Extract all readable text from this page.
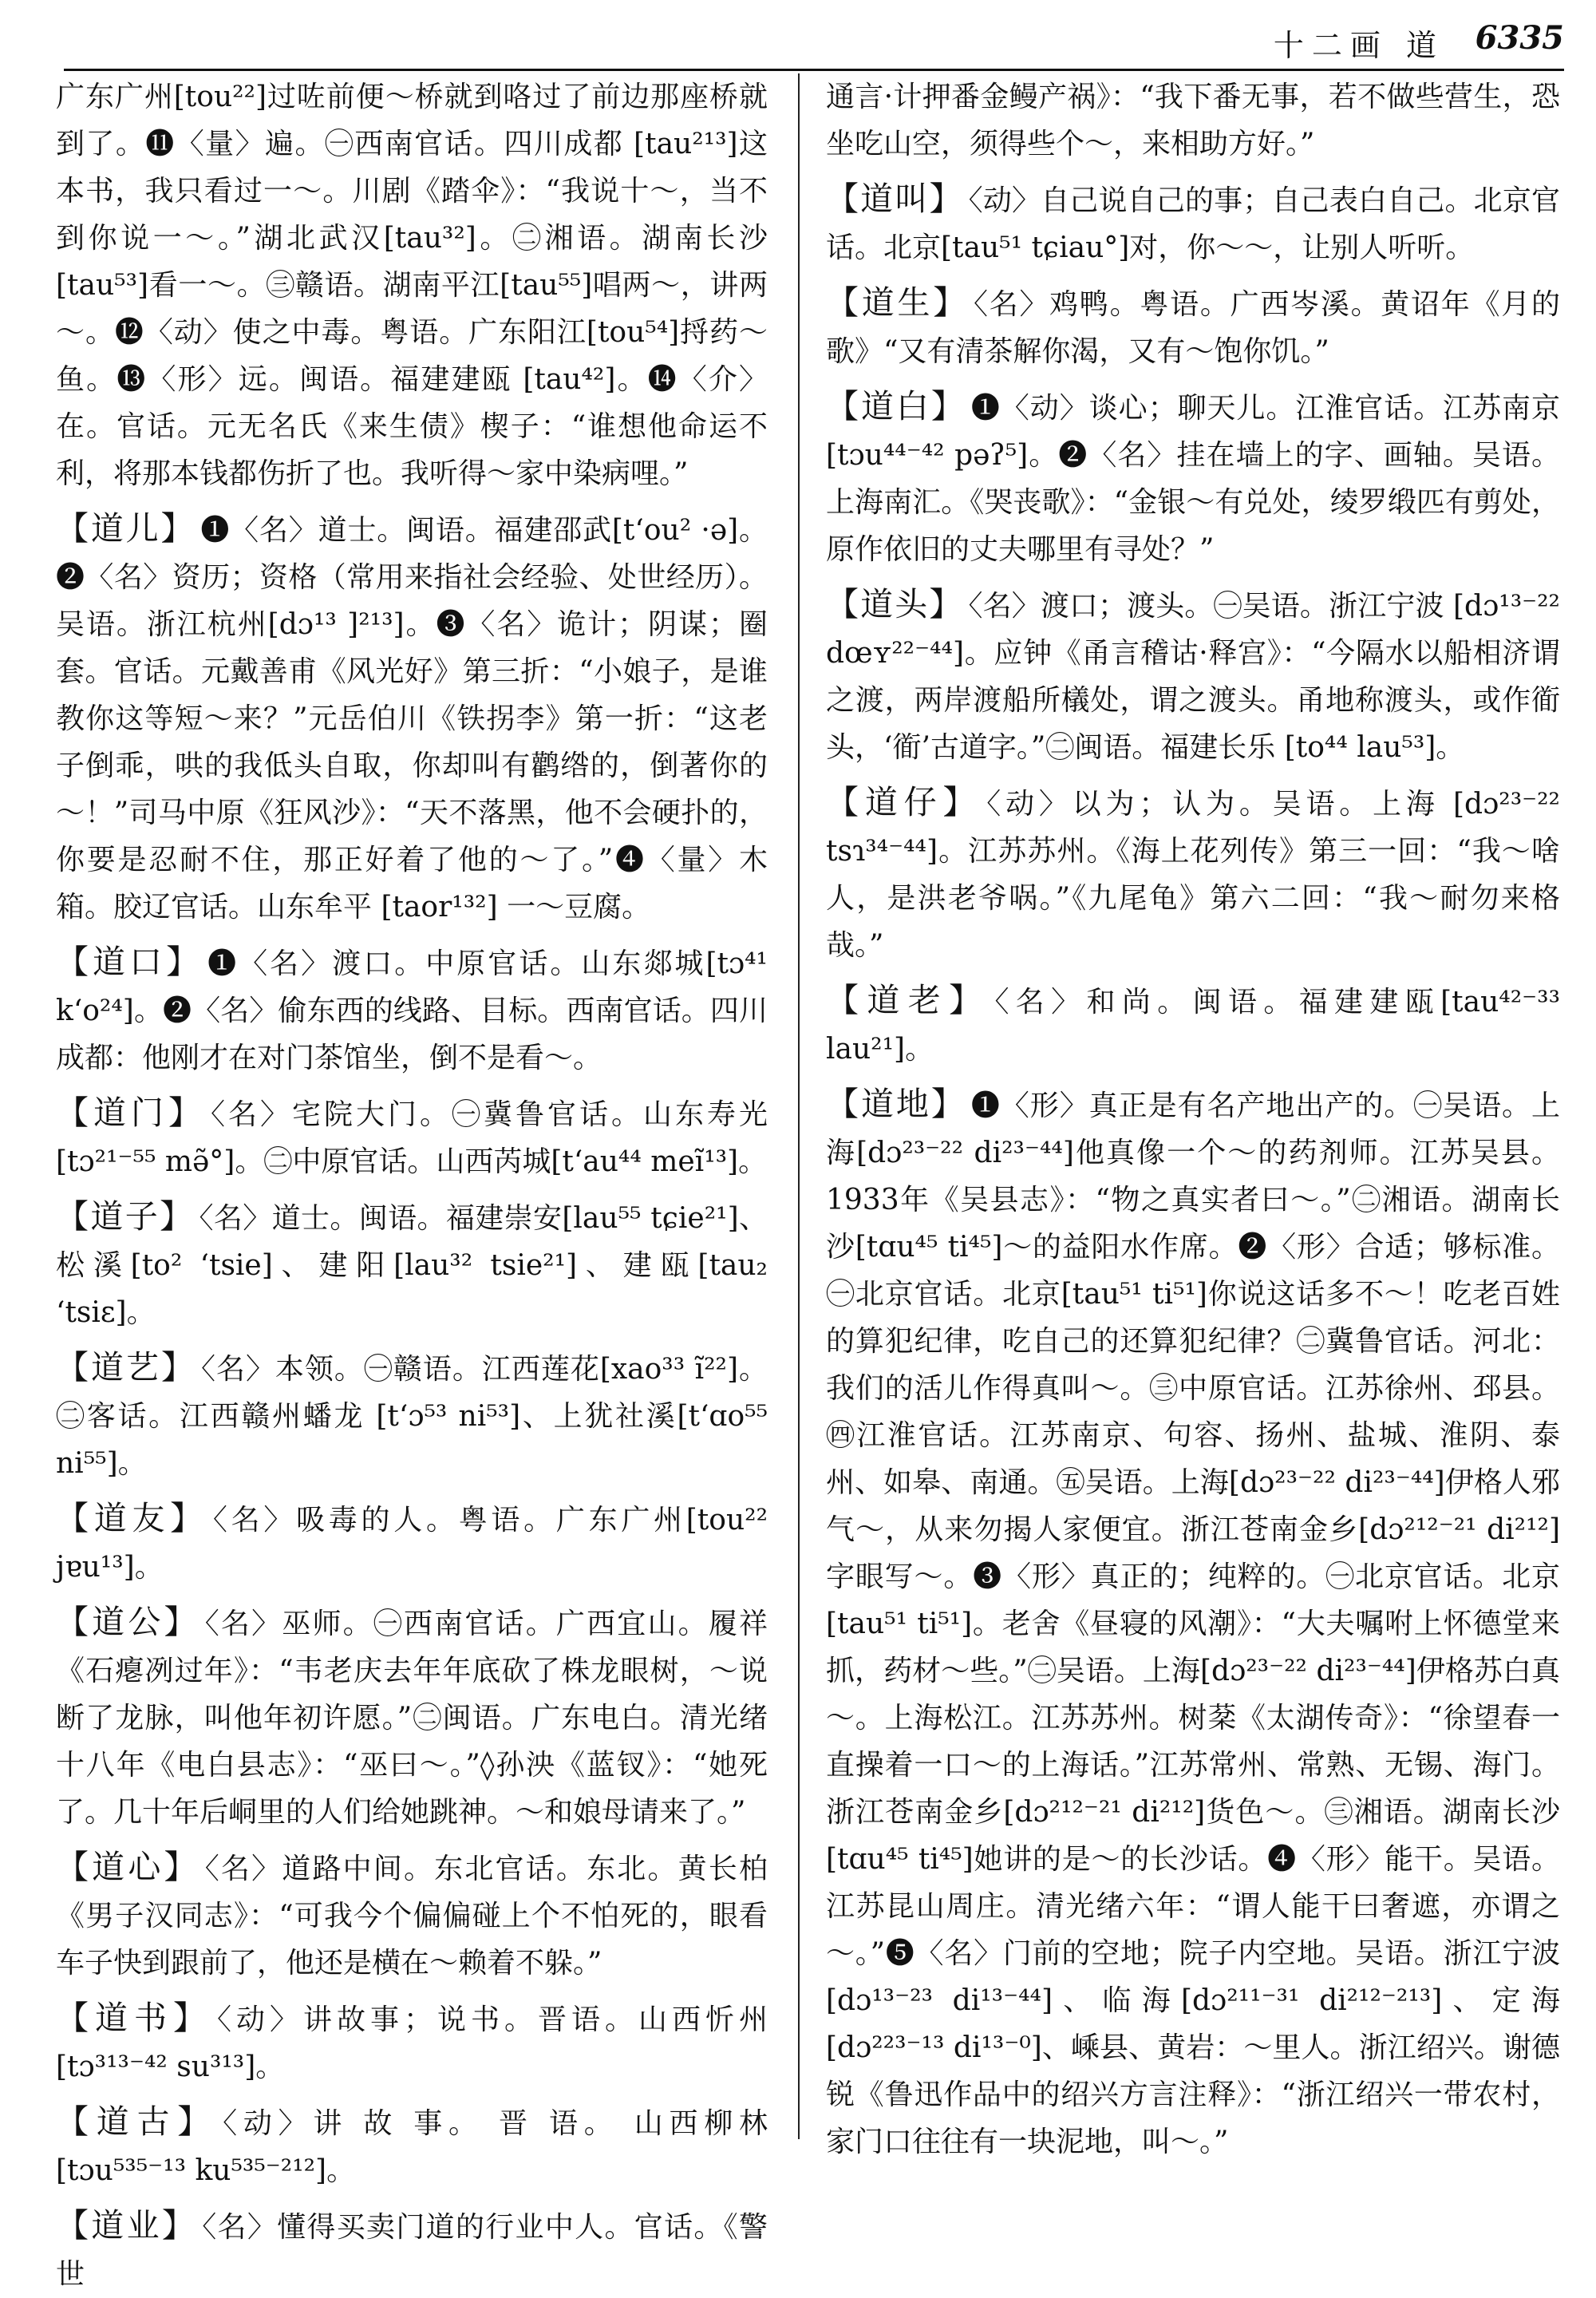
十二画 道 6335

广东广州[tou²²]过咗前便～桥就到咯过了前边那座桥就到了。⓫〈量〉遍。㊀西南官话。四川成都 [tau²¹³]这本书，我只看过一～。川剧《踏伞》：“我说十～，当不到你说一～。”湖北武汉[tau³²]。㊁湘语。湖南长沙[tau⁵³]看一～。㊂赣语。湖南平江[tau⁵⁵]唱两～，讲两～。⓬〈动〉使之中毒。粤语。广东阳江[tou⁵⁴]捋药～鱼。⓭〈形〉远。闽语。福建建瓯 [tau⁴²]。⓮〈介〉在。官话。元无名氏《来生债》楔子：“谁想他命运不利，将那本钱都伤折了也。我听得～家中染病哩。”

【道儿】 ❶〈名〉道士。闽语。福建邵武[tʻou² ·ə]。❷〈名〉资历；资格（常用来指社会经验、处世经历）。吴语。浙江杭州[dɔ¹³ ]²¹³]。❸〈名〉诡计；阴谋；圈套。官话。元戴善甫《风光好》第三折：“小娘子，是谁教你这等短～来？”元岳伯川《铁拐李》第一折：“这老子倒乖，哄的我低头自取，你却叫有鹳绺的，倒著你的～！”司马中原《狂风沙》：“天不落黑，他不会硬扑的，你要是忍耐不住，那正好着了他的～了。”❹〈量〉木箱。胶辽官话。山东牟平 [taor¹³²] 一～豆腐。

【道口】 ❶〈名〉渡口。中原官话。山东郯城[tɔ⁴¹ kʻo²⁴]。❷〈名〉偷东西的线路、目标。西南官话。四川成都：他刚才在对门茶馆坐，倒不是看～。

【道门】 〈名〉宅院大门。㊀冀鲁官话。山东寿光[tɔ²¹⁻⁵⁵ mə̃°]。㊁中原官话。山西芮城[tʻau⁴⁴ meĩ¹³]。

【道子】 〈名〉道士。闽语。福建崇安[lau⁵⁵ tɕie²¹]、松溪[to² ʻtsie]、建阳[lau³² tsie²¹]、建瓯[tau₂ ʻtsiɛ]。

【道艺】 〈名〉本领。㊀赣语。江西莲花[xao³³ ĩ²²]。㊁客话。江西赣州蟠龙 [tʻɔ⁵³ ni⁵³]、上犹社溪[tʻɑo⁵⁵ ni⁵⁵]。

【道友】 〈名〉吸毒的人。粤语。广东广州[tou²² jɐu¹³]。

【道公】 〈名〉巫师。㊀西南官话。广西宜山。履祥《石瘪冽过年》：“韦老庆去年年底砍了株龙眼树，～说断了龙脉，叫他年初许愿。”㊁闽语。广东电白。清光绪十八年《电白县志》：“巫曰～。”◊孙泱《蓝钗》：“她死了。几十年后峒里的人们给她跳神。～和娘母请来了。”

【道心】 〈名〉道路中间。东北官话。东北。黄长柏《男子汉同志》：“可我今个偏偏碰上个不怕死的，眼看车子快到跟前了，他还是横在～赖着不躲。”

【道书】 〈动〉讲故事；说书。晋语。山西忻州 [tɔ³¹³⁻⁴² su³¹³]。

【道古】 〈动〉讲 故 事。 晋 语。 山西柳林 [tɔu⁵³⁵⁻¹³ ku⁵³⁵⁻²¹²]。

【道业】 〈名〉懂得买卖门道的行业中人。官话。《警世

通言·计押番金鳗产祸》：“我下番无事，若不做些营生，恐坐吃山空，须得些个～，来相助方好。”

【道叫】 〈动〉自己说自己的事；自己表白自己。北京官话。北京[tau⁵¹ tɕiau°]对，你～～，让别人听听。

【道生】 〈名〉鸡鸭。粤语。广西岑溪。黄诏年《月的歌》“又有清茶解你渴，又有～饱你饥。”

【道白】 ❶〈动〉谈心；聊天儿。江淮官话。江苏南京[tɔu⁴⁴⁻⁴² pəʔ⁵]。❷〈名〉挂在墙上的字、画轴。吴语。上海南汇。《哭丧歌》：“金银～有兑处，绫罗缎匹有剪处，原作依旧的丈夫哪里有寻处？”

【道头】 〈名〉渡口；渡头。㊀吴语。浙江宁波 [dɔ¹³⁻²² dœʏ²²⁻⁴⁴]。应钟《甬言稽诂·释宫》：“今隔水以船相济谓之渡，两岸渡船所檥处，谓之渡头。甬地称渡头，或作衜头，‘衜’古道字。”㊁闽语。福建长乐 [to⁴⁴ lau⁵³]。

【道仔】 〈动〉以为；认为。吴语。上海 [dɔ²³⁻²² tsɿ³⁴⁻⁴⁴]。江苏苏州。《海上花列传》第三一回：“我～啥人，是洪老爷㖞。”《九尾龟》第六二回：“我～耐勿来格哉。”

【道老】 〈名〉和尚。闽语。福建建瓯[tau⁴²⁻³³ lau²¹]。

【道地】 ❶〈形〉真正是有名产地出产的。㊀吴语。上海[dɔ²³⁻²² di²³⁻⁴⁴]他真像一个～的药剂师。江苏吴县。1933年《吴县志》：“物之真实者曰～。”㊁湘语。湖南长沙[tɑu⁴⁵ ti⁴⁵]～的益阳水作席。❷〈形〉合适；够标准。㊀北京官话。北京[tau⁵¹ ti⁵¹]你说这话多不～！吃老百姓的算犯纪律，吃自己的还算犯纪律？㊁冀鲁官话。河北：我们的活儿作得真叫～。㊂中原官话。江苏徐州、邳县。㊃江淮官话。江苏南京、句容、扬州、盐城、淮阴、泰州、如皋、南通。㊄吴语。上海[dɔ²³⁻²² di²³⁻⁴⁴]伊格人邪气～，从来勿揭人家便宜。浙江苍南金乡[dɔ²¹²⁻²¹ di²¹²]字眼写～。❸〈形〉真正的；纯粹的。㊀北京官话。北京[tau⁵¹ ti⁵¹]。老舍《昼寝的风潮》：“大夫嘱咐上怀德堂来抓，药材～些。”㊁吴语。上海[dɔ²³⁻²² di²³⁻⁴⁴]伊格苏白真～。上海松江。江苏苏州。树棻《太湖传奇》：“徐望春一直操着一口～的上海话。”江苏常州、常熟、无锡、海门。浙江苍南金乡[dɔ²¹²⁻²¹ di²¹²]货色～。㊂湘语。湖南长沙[tɑu⁴⁵ ti⁴⁵]她讲的是～的长沙话。❹〈形〉能干。吴语。江苏昆山周庄。清光绪六年：“谓人能干曰奢遮，亦谓之～。”❺〈名〉门前的空地；院子内空地。吴语。浙江宁波[dɔ¹³⁻²³ di¹³⁻⁴⁴]、临海[dɔ²¹¹⁻³¹ di²¹²⁻²¹³]、定海[dɔ²²³⁻¹³ di¹³⁻⁰]、嵊县、黄岩：～里人。浙江绍兴。谢德锐《鲁迅作品中的绍兴方言注释》：“浙江绍兴一带农村，家门口往往有一块泥地，叫～。”
